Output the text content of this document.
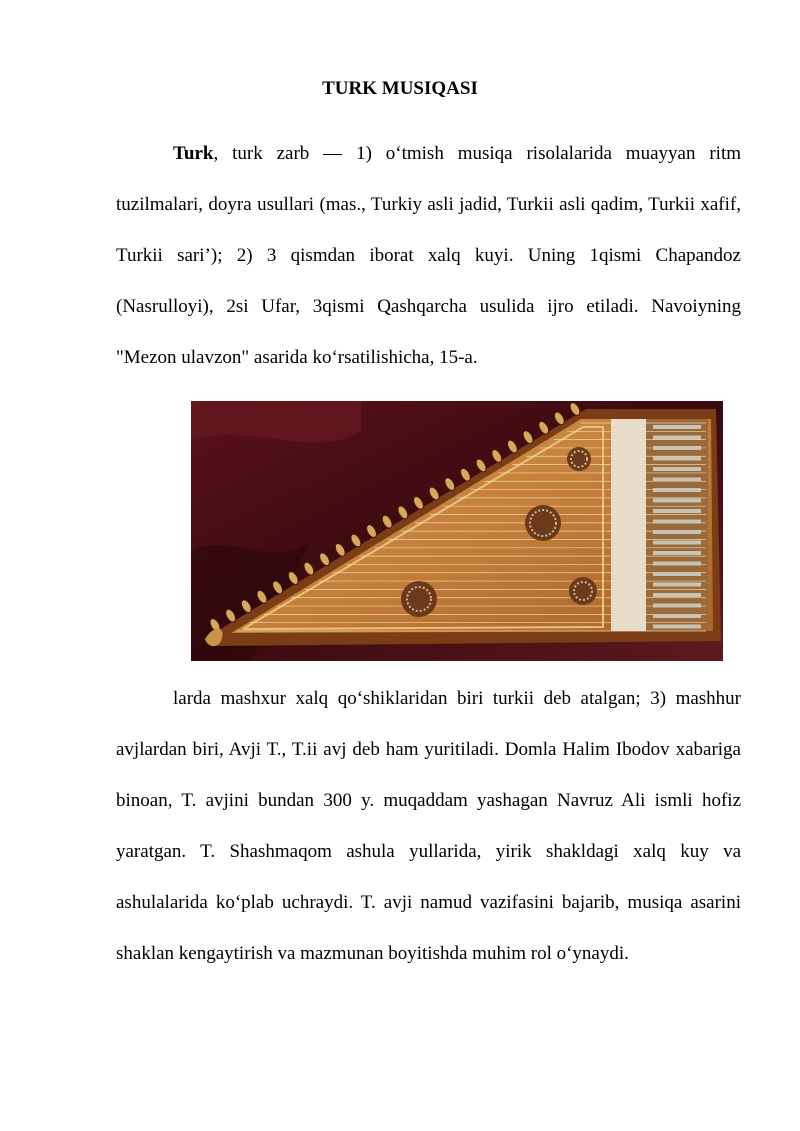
TURK MUSIQASI

Turk, turk zarb — 1) oʻtmish musiqa risolalarida muayyan ritm tuzilmalari, doyra usullari (mas., Turkiy asli jadid, Turkii asli qadim, Turkii xafif, Turkii sariʼ); 2) 3 qismdan iborat xalq kuyi. Uning 1qismi Chapandoz (Nasrulloyi), 2si Ufar, 3qismi Qashqarcha usulida ijro etiladi. Navoiyning "Mezon ulavzon" asarida koʻrsatilishicha, 15-a.

larda mashxur xalq qoʻshiklaridan biri turkii deb atalgan; 3) mashhur avjlardan biri, Avji T., T.ii avj deb ham yuritiladi. Domla Halim Ibodov xabariga binoan, T. avjini bundan 300 y. muqaddam yashagan Navruz Ali ismli hofiz yaratgan. T. Shashmaqom ashula yullarida, yirik shakldagi xalq kuy va ashulalarida koʻplab uchraydi. T. avji namud vazifasini bajarib, musiqa asarini shaklan kengaytirish va mazmunan boyitishda muhim rol oʻynaydi.
